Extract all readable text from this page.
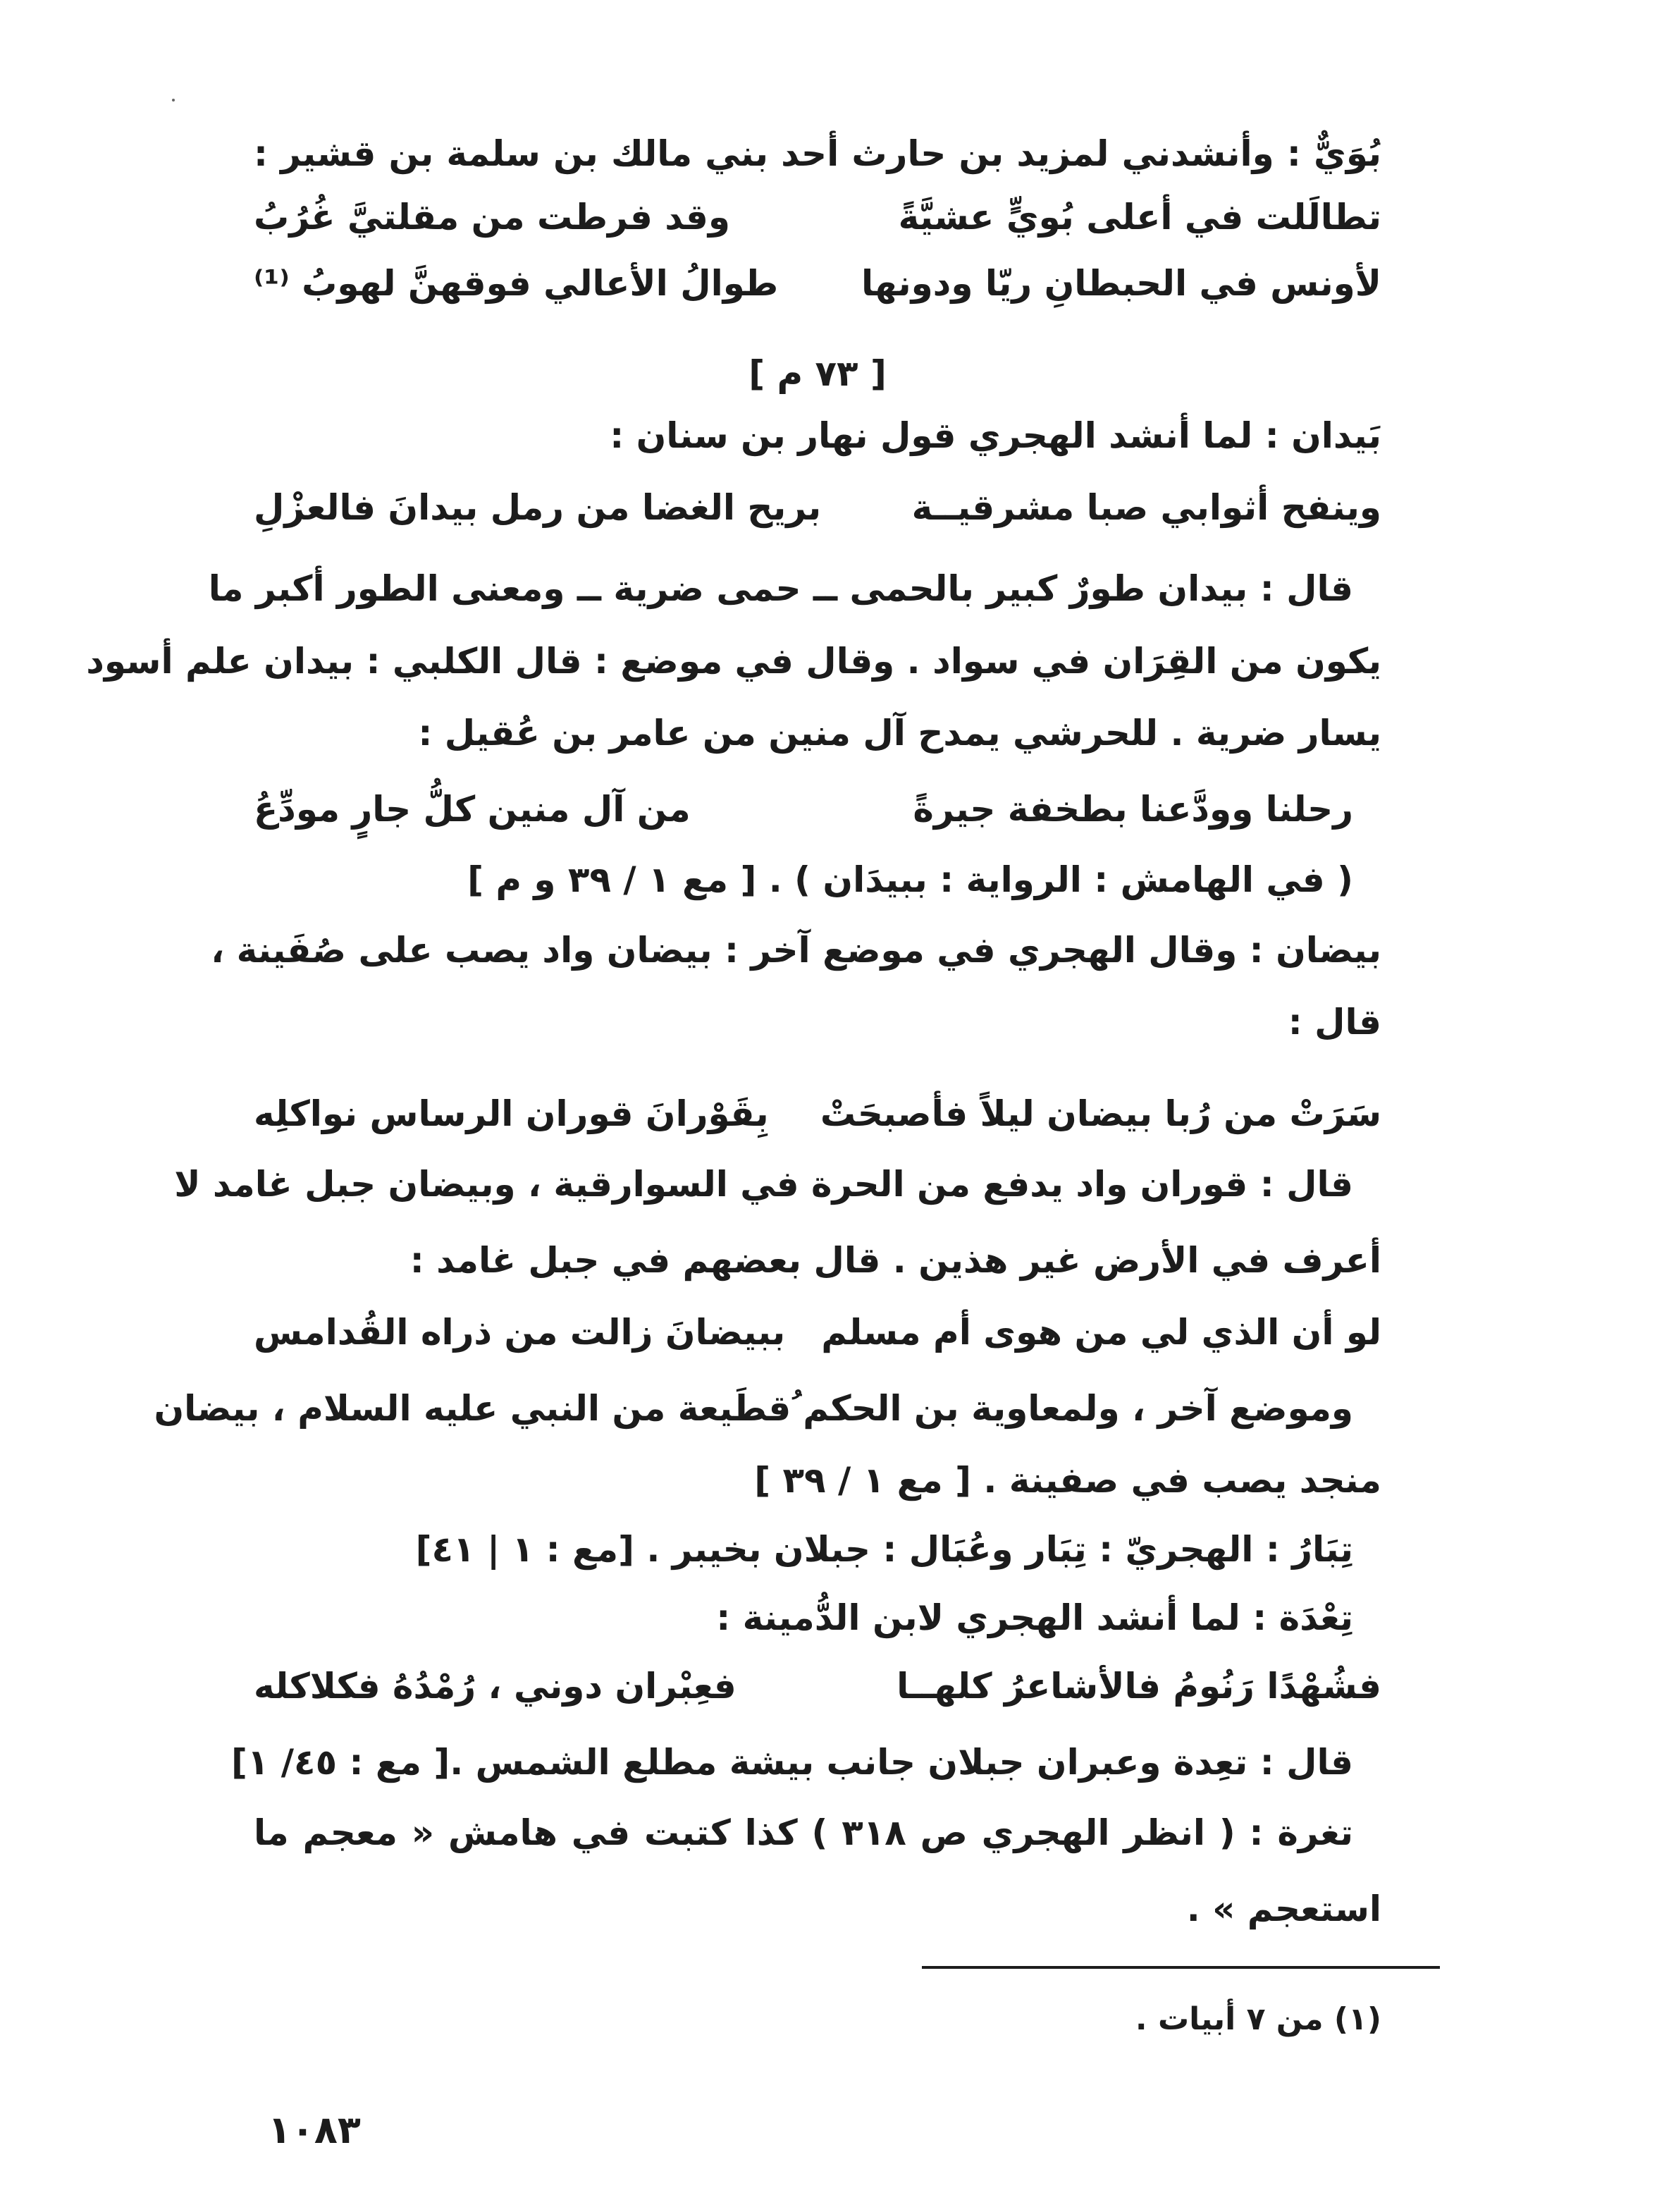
بُوَيٌّ : وأنشدني لمزيد بن حارث أحد بني مالك بن سلمة بن قشير :
تطالَلت في أعلى بُويٍّ عشيَّةً
وقد فرطت من مقلتيَّ غُرُبُ
لأونس في الحبطانِ ريّا ودونها
طوالُ الأعالي فوقهنَّ لهوبُ ⁽¹⁾
[ ٧٣ م ]
بَيدان : لما أنشد الهجري قول نهار بن سنان :
وينفح أثوابي صبا مشرقيــة
بريح الغضا من رمل بيدانَ فالعزْلِ
قال : بيدان طورٌ كبير بالحمى ــ حمى ضرية ــ ومعنى الطور أكبر ما
يكون من القِرَان في سواد . وقال في موضع : قال الكلبي : بيدان علم أسود
يسار ضرية . للحرشي يمدح آل منين من عامر بن عُقيل :
رحلنا وودَّعنا بطخفة جيرةً
من آل منين كلُّ جارٍ مودِّعُ
( في الهامش : الرواية : ببيدَان ) . [ مع ١ / ٣٩ و م ]
بيضان : وقال الهجري في موضع آخر : بيضان واد يصب على صُفَينة ،
قال :
سَرَتْ من رُبا بيضان ليلاً فأصبحَتْ
بِقَوْرانَ قوران الرساس نواكلِه
قال : قوران واد يدفع من الحرة في السوارقية ، وبيضان جبل غامد لا
أعرف في الأرض غير هذين . قال بعضهم في جبل غامد :
لو أن الذي لي من هوى أم مسلم
ببيضانَ زالت من ذراه القُدامس
وموضع آخر ، ولمعاوية بن الحكم ُقطَيعة من النبي عليه السلام ، بيضان
منجد يصب في صفينة . [ مع ١ / ٣٩ ]
تِبَارُ : الهجريّ : تِبَار وعُبَال : جبلان بخيبر . [مع : ١ | ٤١]
تِعْدَة : لما أنشد الهجري لابن الدُّمينة :
فشُهْدًا رَنُومُ فالأشاعرُ كلهــا
فعِبْران دوني ، رُمْدُهُ فكلاكله
قال : تعِدة وعبران جبلان جانب بيشة مطلع الشمس .[ مع : ٤٥/ ١]
تغرة : ( انظر الهجري ص ٣١٨ ) كذا كتبت في هامش « معجم ما
استعجم » .
(١) من ٧ أبيات .
١٠٨٣
